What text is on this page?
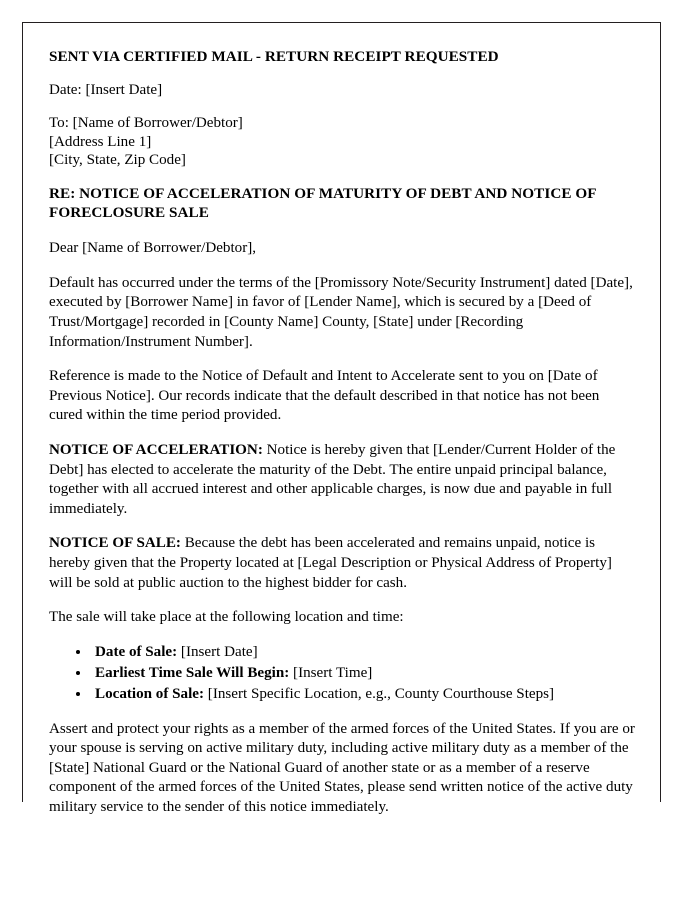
SENT VIA CERTIFIED MAIL - RETURN RECEIPT REQUESTED

Date: [Insert Date]

To: [Name of Borrower/Debtor]
[Address Line 1]
[City, State, Zip Code]

RE: NOTICE OF ACCELERATION OF MATURITY OF DEBT AND NOTICE OF FORECLOSURE SALE

Dear [Name of Borrower/Debtor],

Default has occurred under the terms of the [Promissory Note/Security Instrument] dated [Date], executed by [Borrower Name] in favor of [Lender Name], which is secured by a [Deed of Trust/Mortgage] recorded in [County Name] County, [State] under [Recording Information/Instrument Number].

Reference is made to the Notice of Default and Intent to Accelerate sent to you on [Date of Previous Notice]. Our records indicate that the default described in that notice has not been cured within the time period provided.

NOTICE OF ACCELERATION: Notice is hereby given that [Lender/Current Holder of the Debt] has elected to accelerate the maturity of the Debt. The entire unpaid principal balance, together with all accrued interest and other applicable charges, is now due and payable in full immediately.

NOTICE OF SALE: Because the debt has been accelerated and remains unpaid, notice is hereby given that the Property located at [Legal Description or Physical Address of Property] will be sold at public auction to the highest bidder for cash.

The sale will take place at the following location and time:

• Date of Sale: [Insert Date]
• Earliest Time Sale Will Begin: [Insert Time]
• Location of Sale: [Insert Specific Location, e.g., County Courthouse Steps]

Assert and protect your rights as a member of the armed forces of the United States. If you are or your spouse is serving on active military duty, including active military duty as a member of the [State] National Guard or the National Guard of another state or as a member of a reserve component of the armed forces of the United States, please send written notice of the active duty military service to the sender of this notice immediately.
